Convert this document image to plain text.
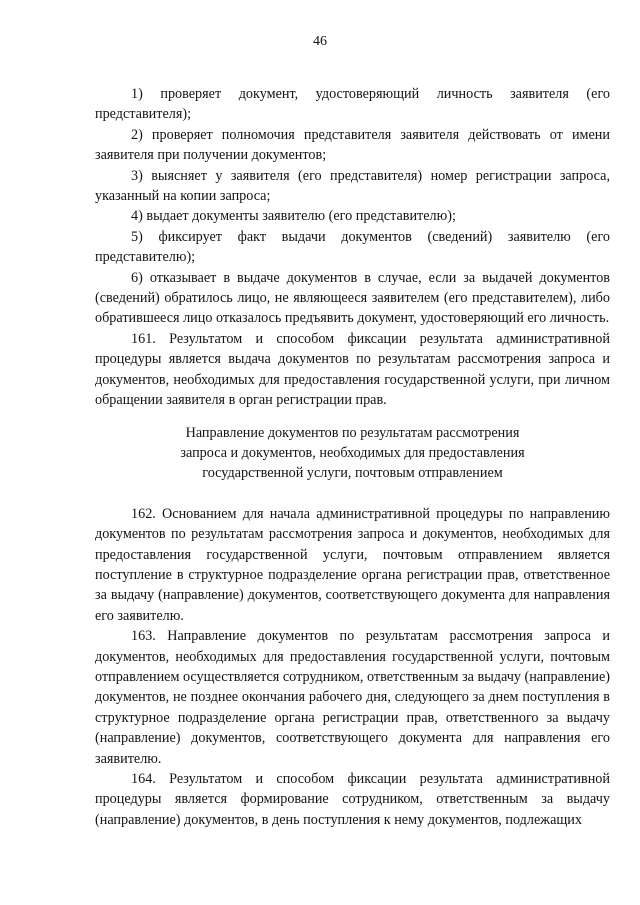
46

1) проверяет документ, удостоверяющий личность заявителя (его представителя);

2) проверяет полномочия представителя заявителя действовать от имени заявителя при получении документов;

3) выясняет у заявителя (его представителя) номер регистрации запроса, указанный на копии запроса;

4) выдает документы заявителю (его представителю);

5) фиксирует факт выдачи документов (сведений) заявителю (его представителю);

6) отказывает в выдаче документов в случае, если за выдачей документов (сведений) обратилось лицо, не являющееся заявителем (его представителем), либо обратившееся лицо отказалось предъявить документ, удостоверяющий его личность.

161. Результатом и способом фиксации результата административной процедуры является выдача документов по результатам рассмотрения запроса и документов, необходимых для предоставления государственной услуги, при личном обращении заявителя в орган регистрации прав.

Направление документов по результатам рассмотрения
запроса и документов, необходимых для предоставления
государственной услуги, почтовым отправлением

162. Основанием для начала административной процедуры по направлению документов по результатам рассмотрения запроса и документов, необходимых для предоставления государственной услуги, почтовым отправлением является поступление в структурное подразделение органа регистрации прав, ответственное за выдачу (направление) документов, соответствующего документа для направления его заявителю.

163. Направление документов по результатам рассмотрения запроса и документов, необходимых для предоставления государственной услуги, почтовым отправлением осуществляется сотрудником, ответственным за выдачу (направление) документов, не позднее окончания рабочего дня, следующего за днем поступления в структурное подразделение органа регистрации прав, ответственного за выдачу (направление) документов, соответствующего документа для направления его заявителю.

164. Результатом и способом фиксации результата административной процедуры является формирование сотрудником, ответственным за выдачу (направление) документов, в день поступления к нему документов, подлежащих
